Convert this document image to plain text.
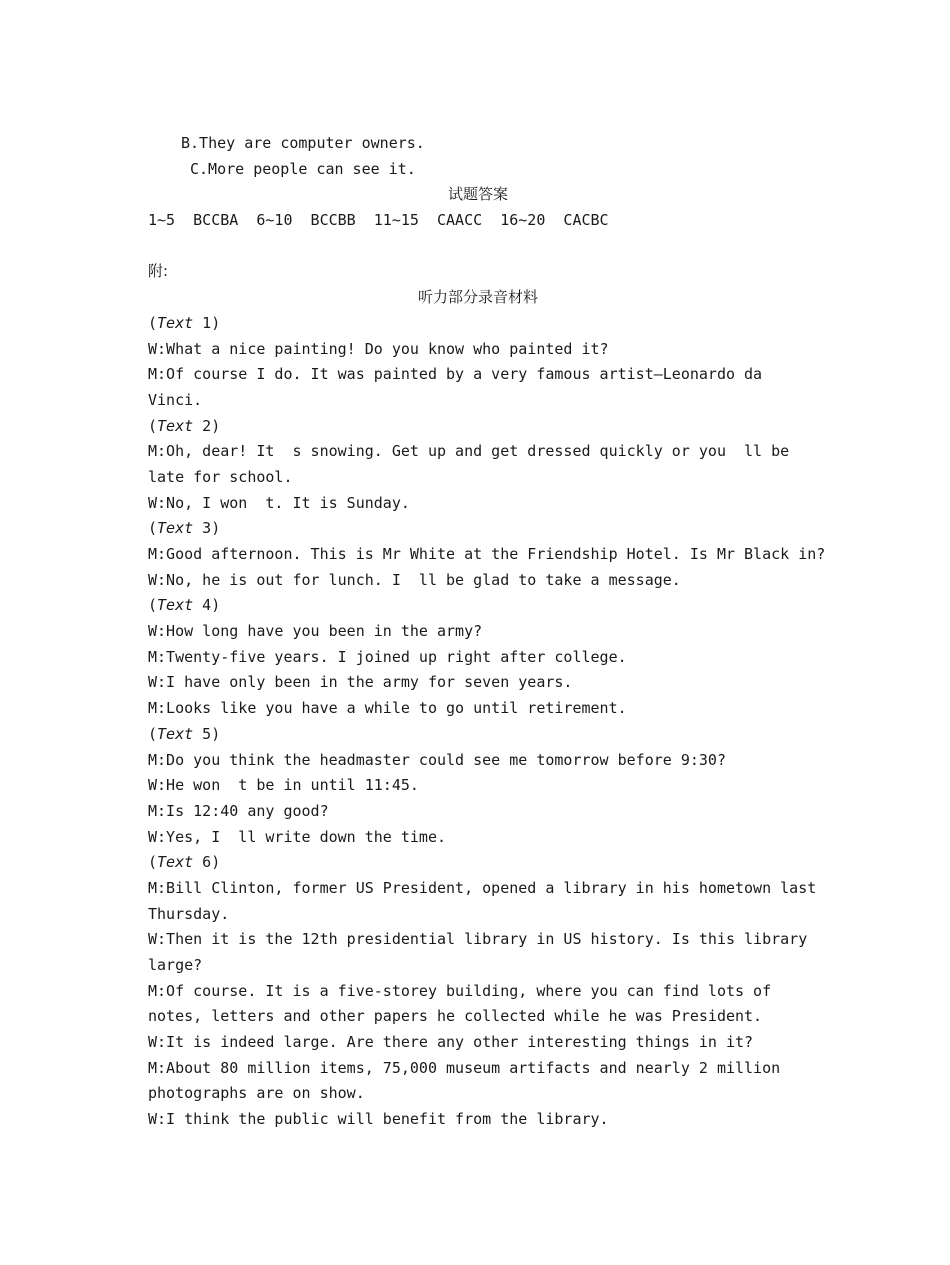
B.They are computer owners.
C.More people can see it.
试题答案
1~5  BCCBA  6~10  BCCBB  11~15  CAACC  16~20  CACBC
附:
听力部分录音材料
(Text 1)
W:What a nice painting! Do you know who painted it?
M:Of course I do. It was painted by a very famous artist—Leonardo da
Vinci.
(Text 2)
M:Oh, dear! It  s snowing. Get up and get dressed quickly or you  ll be
late for school.
W:No, I won  t. It is Sunday.
(Text 3)
M:Good afternoon. This is Mr White at the Friendship Hotel. Is Mr Black in?
W:No, he is out for lunch. I  ll be glad to take a message.
(Text 4)
W:How long have you been in the army?
M:Twenty-five years. I joined up right after college.
W:I have only been in the army for seven years.
M:Looks like you have a while to go until retirement.
(Text 5)
M:Do you think the headmaster could see me tomorrow before 9:30?
W:He won  t be in until 11:45.
M:Is 12:40 any good?
W:Yes, I  ll write down the time.
(Text 6)
M:Bill Clinton, former US President, opened a library in his hometown last
Thursday.
W:Then it is the 12th presidential library in US history. Is this library
large?
M:Of course. It is a five-storey building, where you can find lots of
notes, letters and other papers he collected while he was President.
W:It is indeed large. Are there any other interesting things in it?
M:About 80 million items, 75,000 museum artifacts and nearly 2 million
photographs are on show.
W:I think the public will benefit from the library.
